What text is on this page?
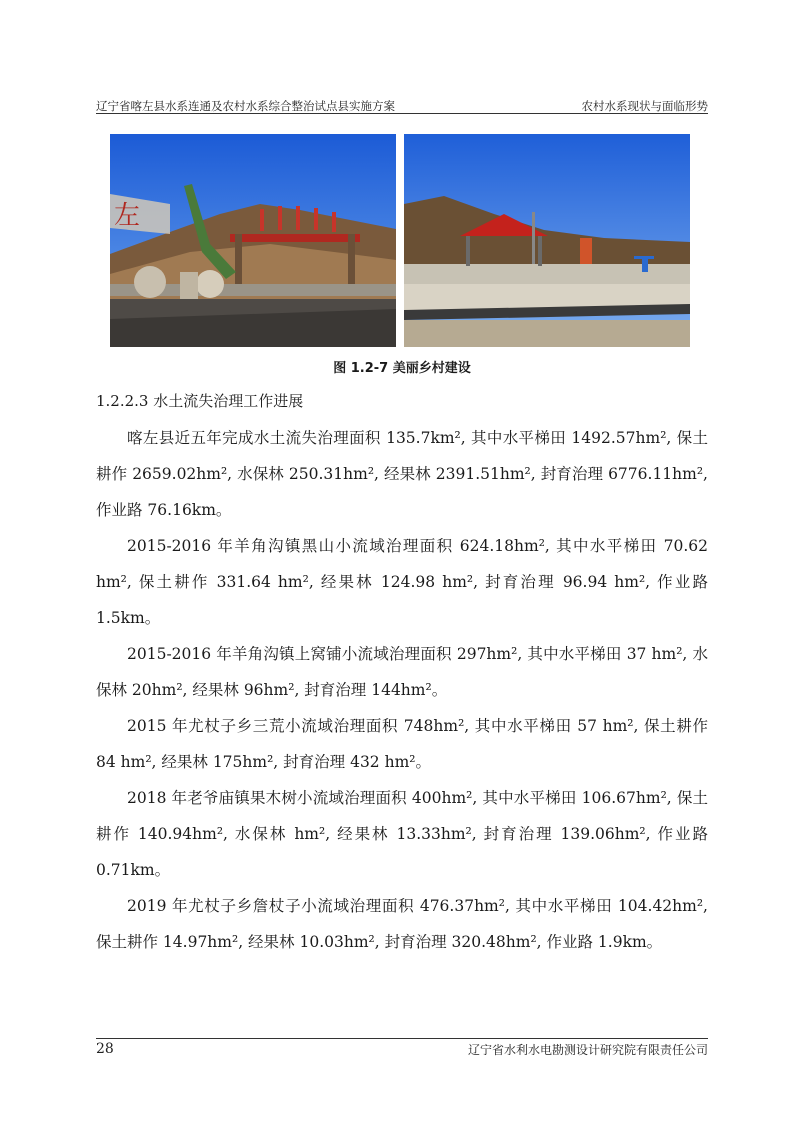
辽宁省喀左县水系连通及农村水系综合整治试点县实施方案	农村水系现状与面临形势
左
图 1.2-7 美丽乡村建设
1.2.2.3 水土流失治理工作进展

喀左县近五年完成水土流失治理面积 135.7km², 其中水平梯田 1492.57hm², 保土耕作 2659.02hm², 水保林 250.31hm², 经果林 2391.51hm², 封育治理 6776.11hm², 作业路 76.16km。

2015-2016 年羊角沟镇黑山小流域治理面积 624.18hm², 其中水平梯田 70.62 hm², 保土耕作 331.64 hm², 经果林 124.98 hm², 封育治理 96.94 hm², 作业路 1.5km。

2015-2016 年羊角沟镇上窝铺小流域治理面积 297hm², 其中水平梯田 37 hm², 水保林 20hm², 经果林 96hm², 封育治理 144hm²。

2015 年尤杖子乡三荒小流域治理面积 748hm², 其中水平梯田 57 hm², 保土耕作 84 hm², 经果林 175hm², 封育治理 432 hm²。

2018 年老爷庙镇果木树小流域治理面积 400hm², 其中水平梯田 106.67hm², 保土耕作 140.94hm², 水保林 hm², 经果林 13.33hm², 封育治理 139.06hm², 作业路 0.71km。

2019 年尤杖子乡詹杖子小流域治理面积 476.37hm², 其中水平梯田 104.42hm², 保土耕作 14.97hm², 经果林 10.03hm², 封育治理 320.48hm², 作业路 1.9km。

28	辽宁省水利水电勘测设计研究院有限责任公司
